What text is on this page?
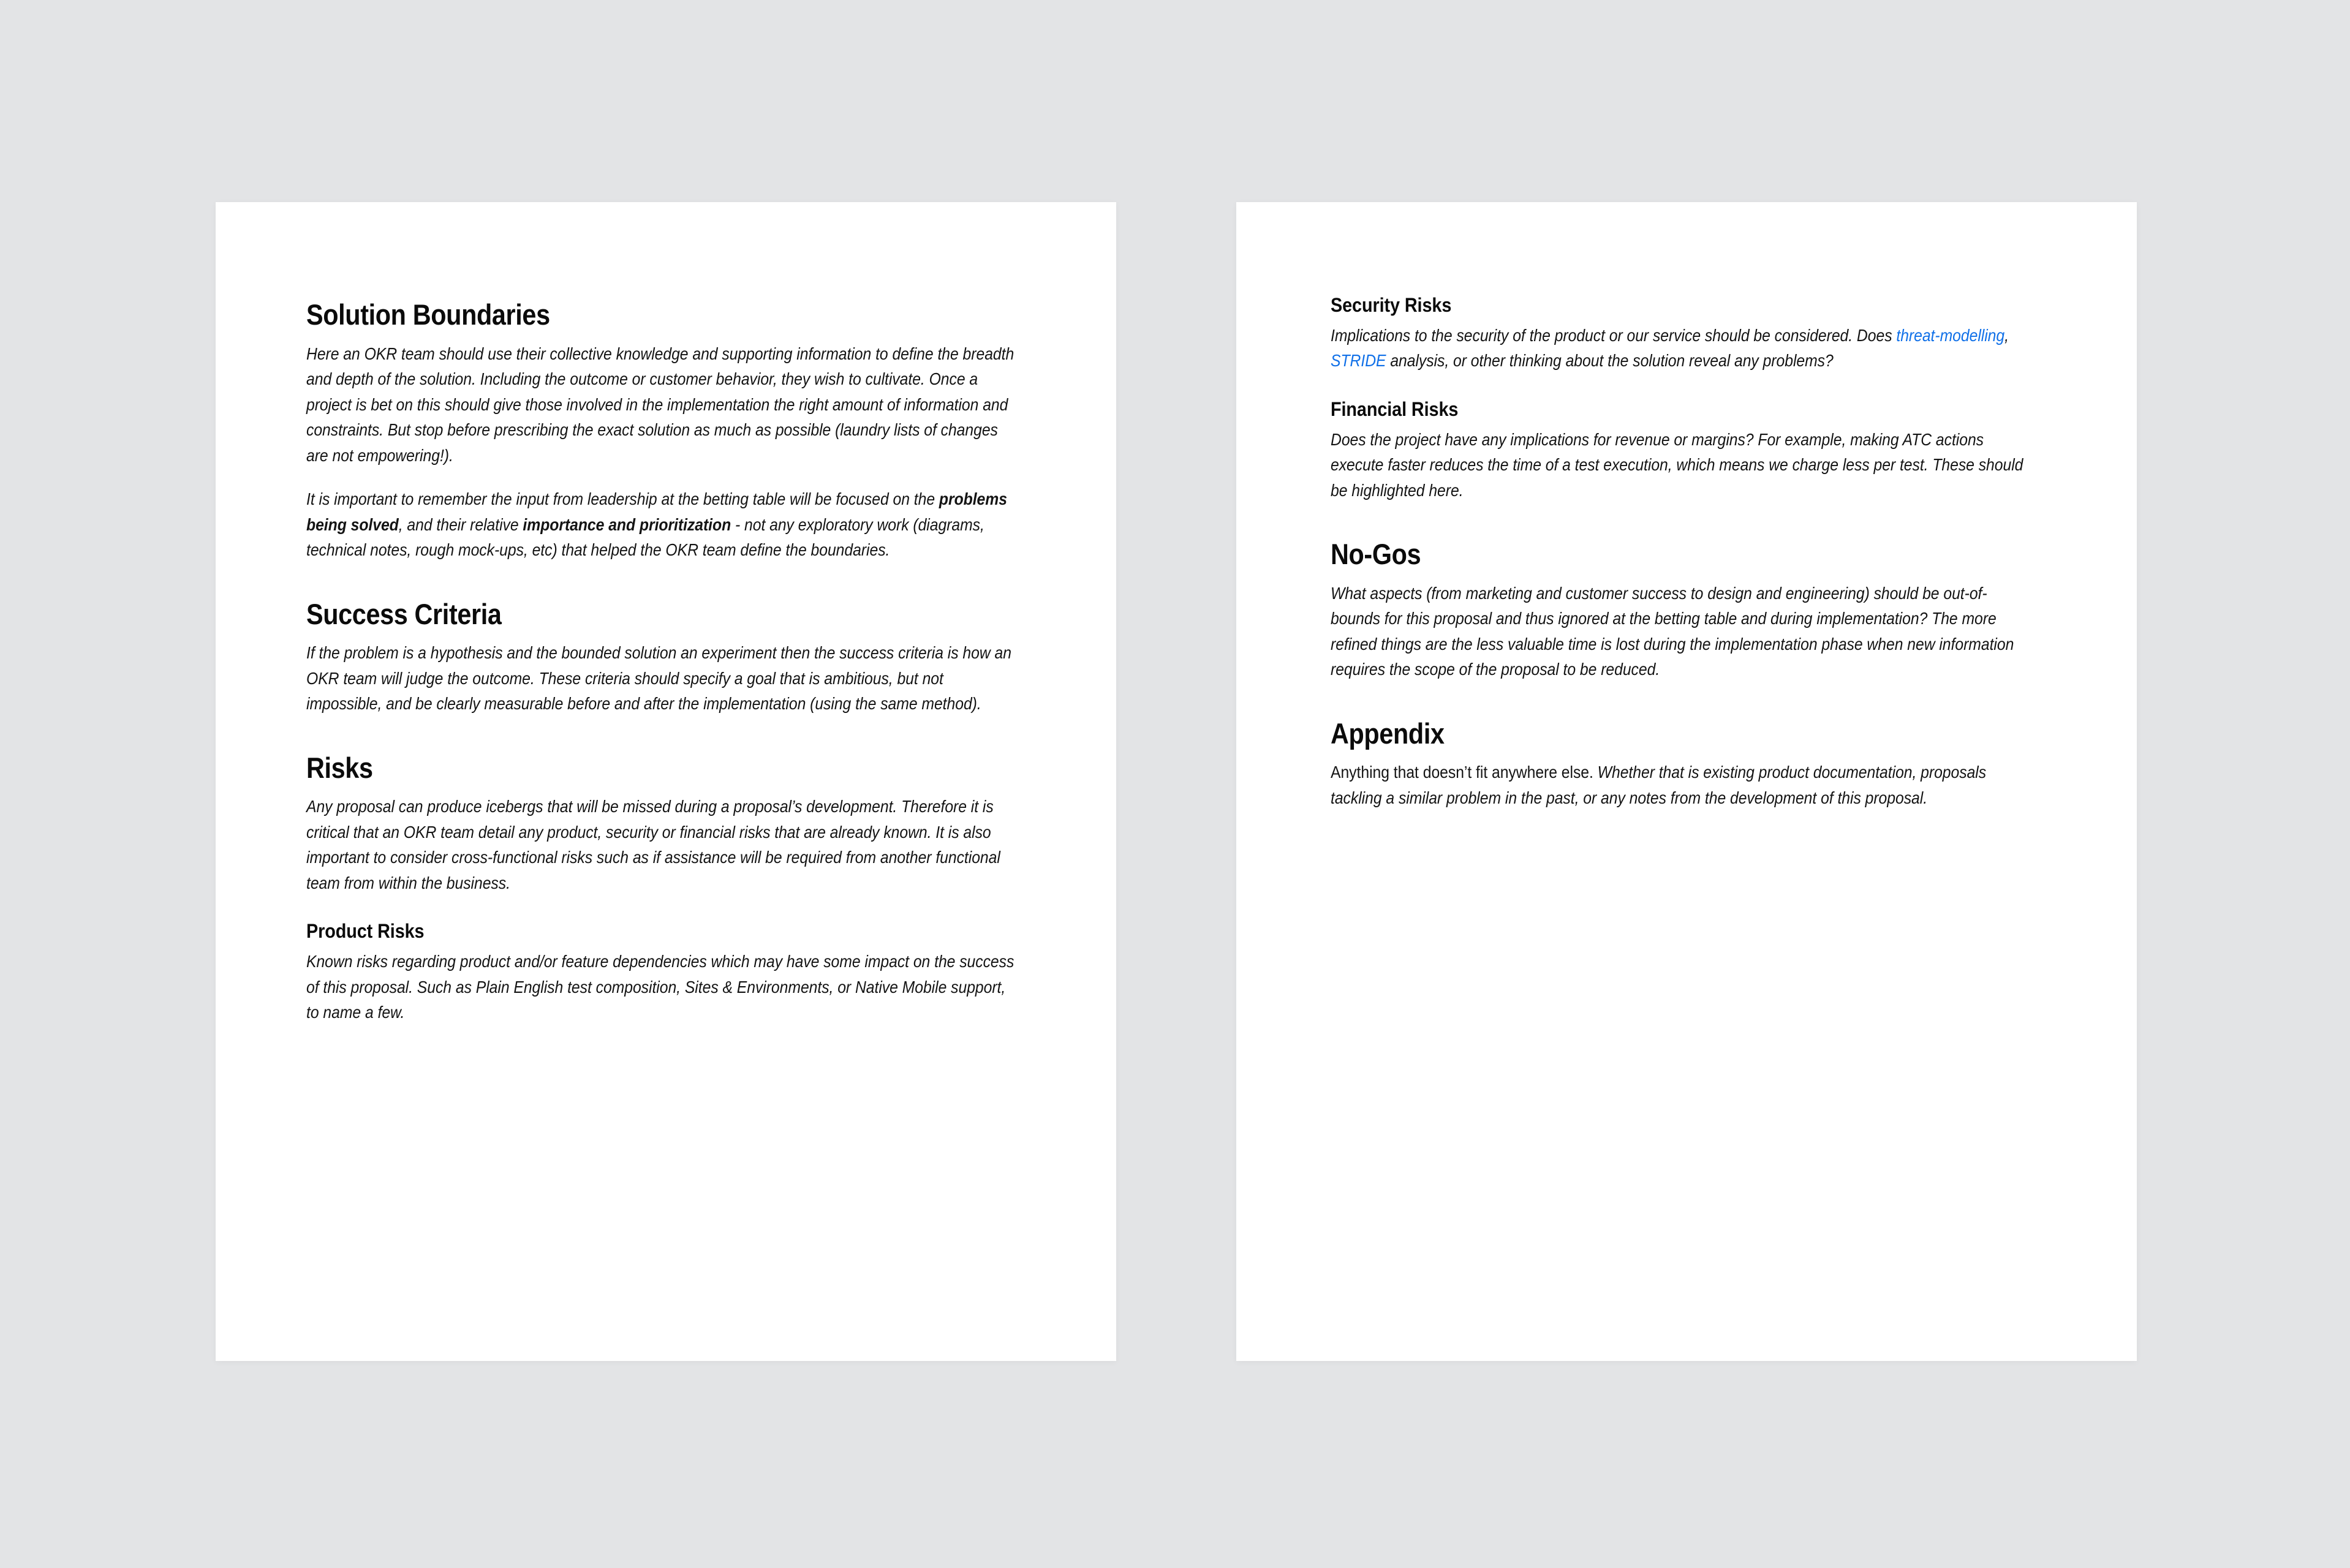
Solution Boundaries

Here an OKR team should use their collective knowledge and supporting information to define the breadth and depth of the solution. Including the outcome or customer behavior, they wish to cultivate. Once a project is bet on this should give those involved in the implementation the right amount of information and constraints. But stop before prescribing the exact solution as much as possible (laundry lists of changes are not empowering!).

It is important to remember the input from leadership at the betting table will be focused on the problems being solved, and their relative importance and prioritization - not any exploratory work (diagrams, technical notes, rough mock-ups, etc) that helped the OKR team define the boundaries.

Success Criteria

If the problem is a hypothesis and the bounded solution an experiment then the success criteria is how an OKR team will judge the outcome. These criteria should specify a goal that is ambitious, but not impossible, and be clearly measurable before and after the implementation (using the same method).

Risks

Any proposal can produce icebergs that will be missed during a proposal’s development. Therefore it is critical that an OKR team detail any product, security or financial risks that are already known. It is also important to consider cross-functional risks such as if assistance will be required from another functional team from within the business.

Product Risks

Known risks regarding product and/or feature dependencies which may have some impact on the success of this proposal. Such as Plain English test composition, Sites & Environments, or Native Mobile support, to name a few.

Security Risks

Implications to the security of the product or our service should be considered. Does threat-modelling, STRIDE analysis, or other thinking about the solution reveal any problems?

Financial Risks

Does the project have any implications for revenue or margins? For example, making ATC actions execute faster reduces the time of a test execution, which means we charge less per test. These should be highlighted here.

No-Gos

What aspects (from marketing and customer success to design and engineering) should be out-of-bounds for this proposal and thus ignored at the betting table and during implementation? The more refined things are the less valuable time is lost during the implementation phase when new information requires the scope of the proposal to be reduced.

Appendix

Anything that doesn’t fit anywhere else. Whether that is existing product documentation, proposals tackling a similar problem in the past, or any notes from the development of this proposal.
